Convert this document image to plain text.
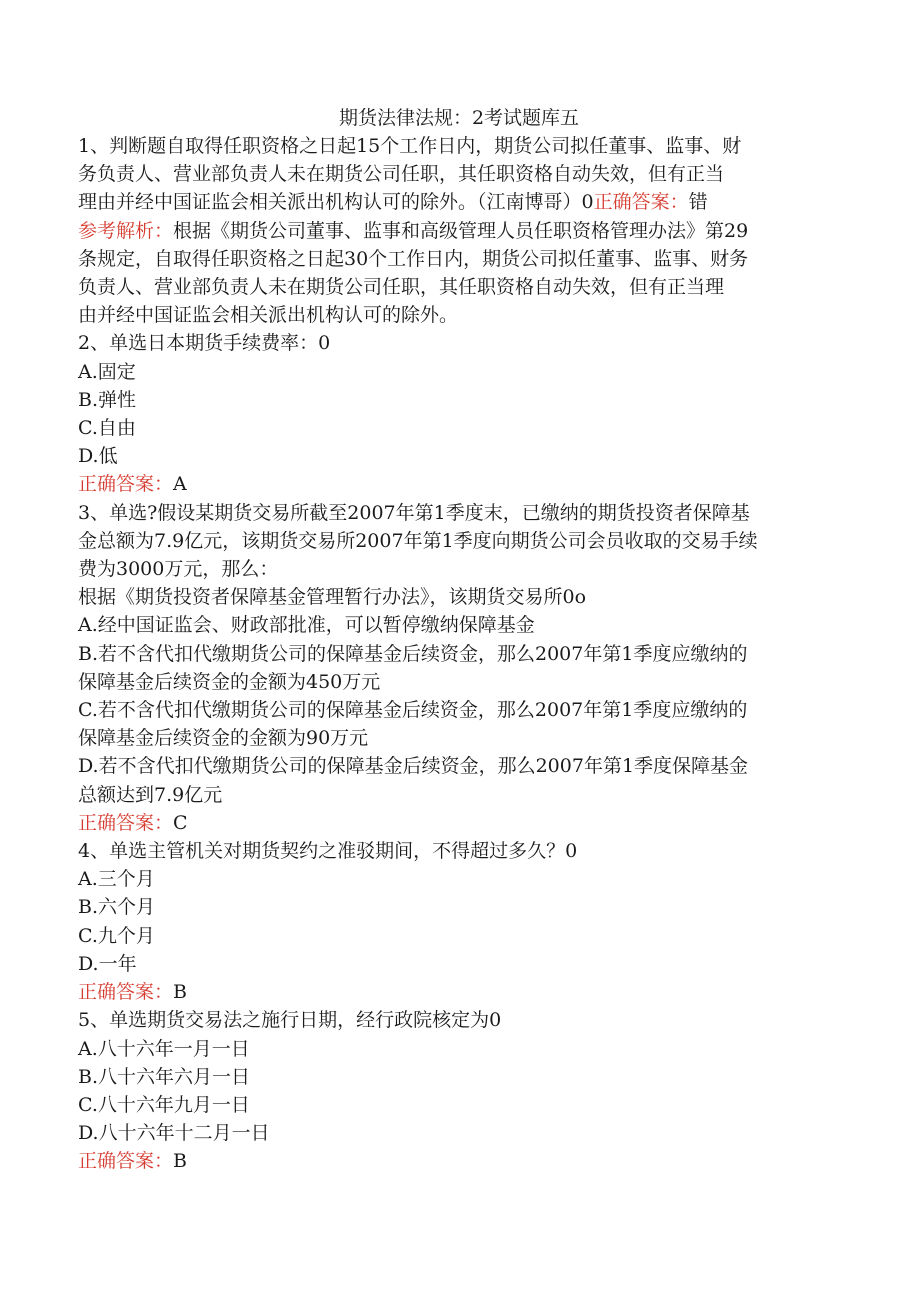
期货法律法规：2考试题库五

1、判断题自取得任职资格之日起15个工作日内，期货公司拟任董事、监事、财

务负责人、营业部负责人未在期货公司任职，其任职资格自动失效，但有正当

理由并经中国证监会相关派出机构认可的除外。（江南博哥）0正确答案：错

参考解析：根据《期货公司董事、监事和高级管理人员任职资格管理办法》第29

条规定，自取得任职资格之日起30个工作日内，期货公司拟任董事、监事、财务

负责人、营业部负责人未在期货公司任职，其任职资格自动失效，但有正当理

由并经中国证监会相关派出机构认可的除外。

2、单选日本期货手续费率：0

A.固定

B.弹性

C.自由

D.低

正确答案：A

3、单选?假设某期货交易所截至2007年第1季度末，已缴纳的期货投资者保障基

金总额为7.9亿元，该期货交易所2007年第1季度向期货公司会员收取的交易手续

费为3000万元，那么：

根据《期货投资者保障基金管理暂行办法》，该期货交易所0o

A.经中国证监会、财政部批准，可以暂停缴纳保障基金

B.若不含代扣代缴期货公司的保障基金后续资金，那么2007年第1季度应缴纳的

保障基金后续资金的金额为450万元

C.若不含代扣代缴期货公司的保障基金后续资金，那么2007年第1季度应缴纳的

保障基金后续资金的金额为90万元

D.若不含代扣代缴期货公司的保障基金后续资金，那么2007年第1季度保障基金

总额达到7.9亿元

正确答案：C

4、单选主管机关对期货契约之准驳期间，不得超过多久？0

A.三个月

B.六个月

C.九个月

D.一年

正确答案：B

5、单选期货交易法之施行日期，经行政院核定为0

A.八十六年一月一日

B.八十六年六月一日

C.八十六年九月一日

D.八十六年十二月一日

正确答案：B
